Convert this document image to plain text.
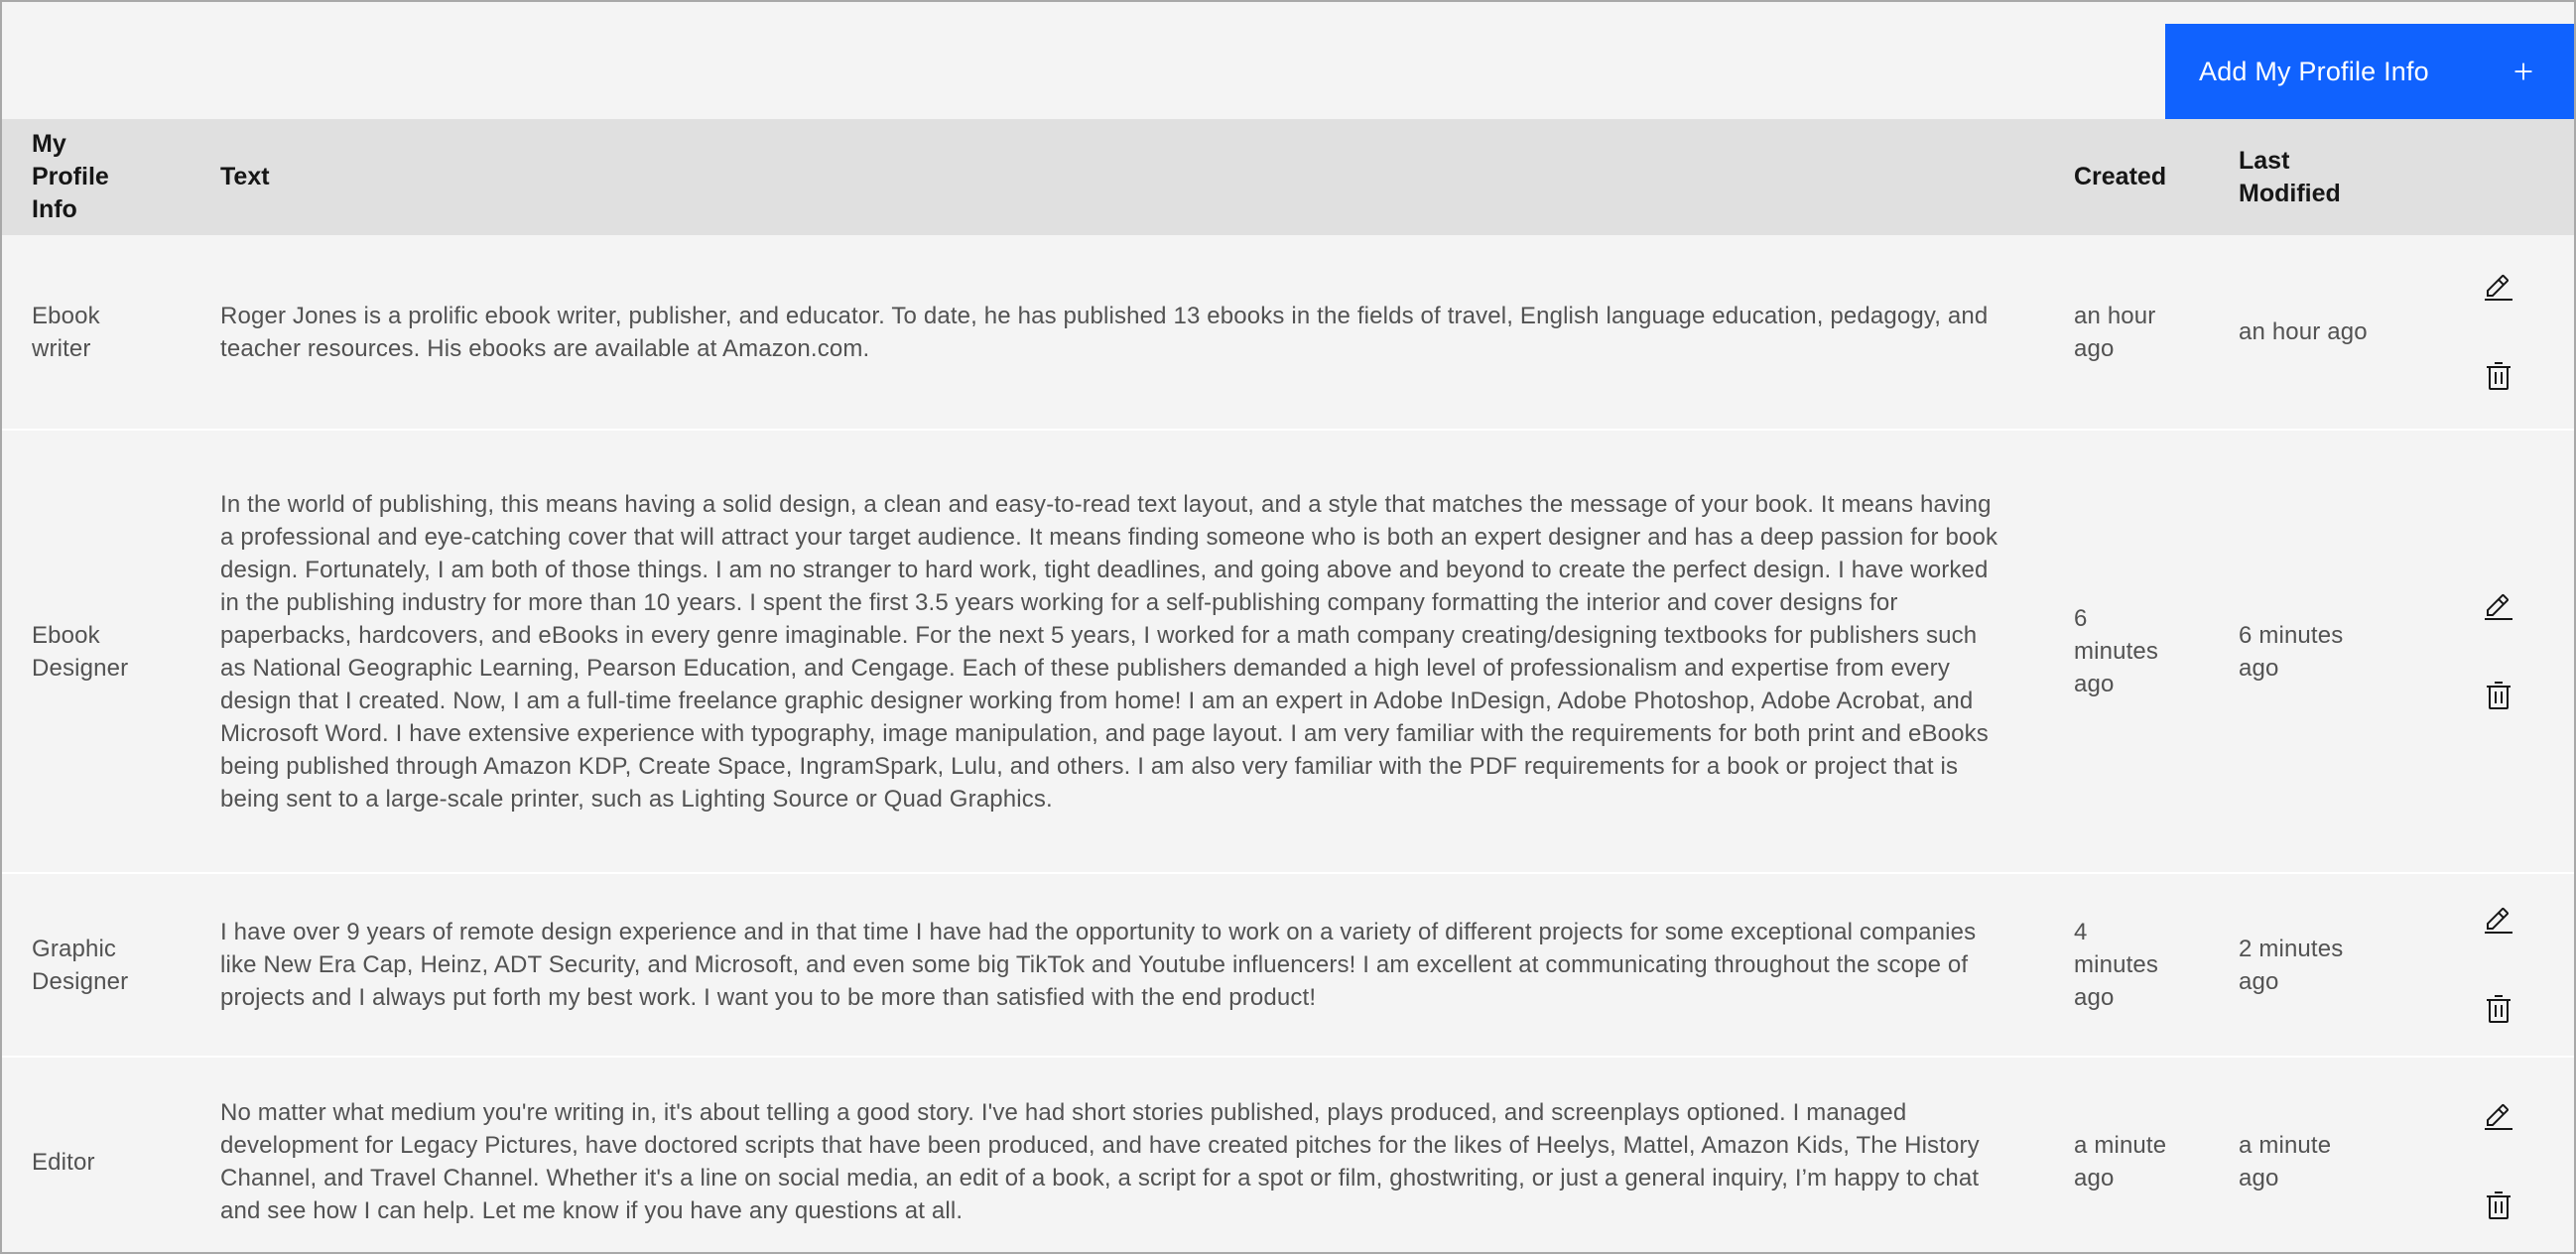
Add My Profile Info
My Profile Info
Text	Created
Last Modified
Ebook writer
Roger Jones is a prolific ebook writer, publisher, and educator. To date, he has published 13 ebooks in the fields of travel, English language education, pedagogy, and teacher resources. His ebooks are available at Amazon.com.
an hour ago
an hour ago
Ebook Designer
In the world of publishing, this means having a solid design, a clean and easy-to-read text layout, and a style that matches the message of your book. It means having a professional and eye-catching cover that will attract your target audience. It means finding someone who is both an expert designer and has a deep passion for book design. Fortunately, I am both of those things. I am no stranger to hard work, tight deadlines, and going above and beyond to create the perfect design. I have worked in the publishing industry for more than 10 years. I spent the first 3.5 years working for a self-publishing company formatting the interior and cover designs for paperbacks, hardcovers, and eBooks in every genre imaginable. For the next 5 years, I worked for a math company creating/designing textbooks for publishers such as National Geographic Learning, Pearson Education, and Cengage. Each of these publishers demanded a high level of professionalism and expertise from every design that I created. Now, I am a full-time freelance graphic designer working from home! I am an expert in Adobe InDesign, Adobe Photoshop, Adobe Acrobat, and Microsoft Word. I have extensive experience with typography, image manipulation, and page layout. I am very familiar with the requirements for both print and eBooks being published through Amazon KDP, Create Space, IngramSpark, Lulu, and others. I am also very familiar with the PDF requirements for a book or project that is being sent to a large-scale printer, such as Lighting Source or Quad Graphics.
6 minutes ago
6 minutes ago
Graphic Designer
I have over 9 years of remote design experience and in that time I have had the opportunity to work on a variety of different projects for some exceptional companies like New Era Cap, Heinz, ADT Security, and Microsoft, and even some big TikTok and Youtube influencers! I am excellent at communicating throughout the scope of projects and I always put forth my best work. I want you to be more than satisfied with the end product!
4 minutes ago
2 minutes ago
Editor
No matter what medium you're writing in, it's about telling a good story. I've had short stories published, plays produced, and screenplays optioned. I managed development for Legacy Pictures, have doctored scripts that have been produced, and have created pitches for the likes of Heelys, Mattel, Amazon Kids, The History Channel, and Travel Channel. Whether it's a line on social media, an edit of a book, a script for a spot or film, ghostwriting, or just a general inquiry, I’m happy to chat and see how I can help. Let me know if you have any questions at all.
a minute ago
a minute ago
